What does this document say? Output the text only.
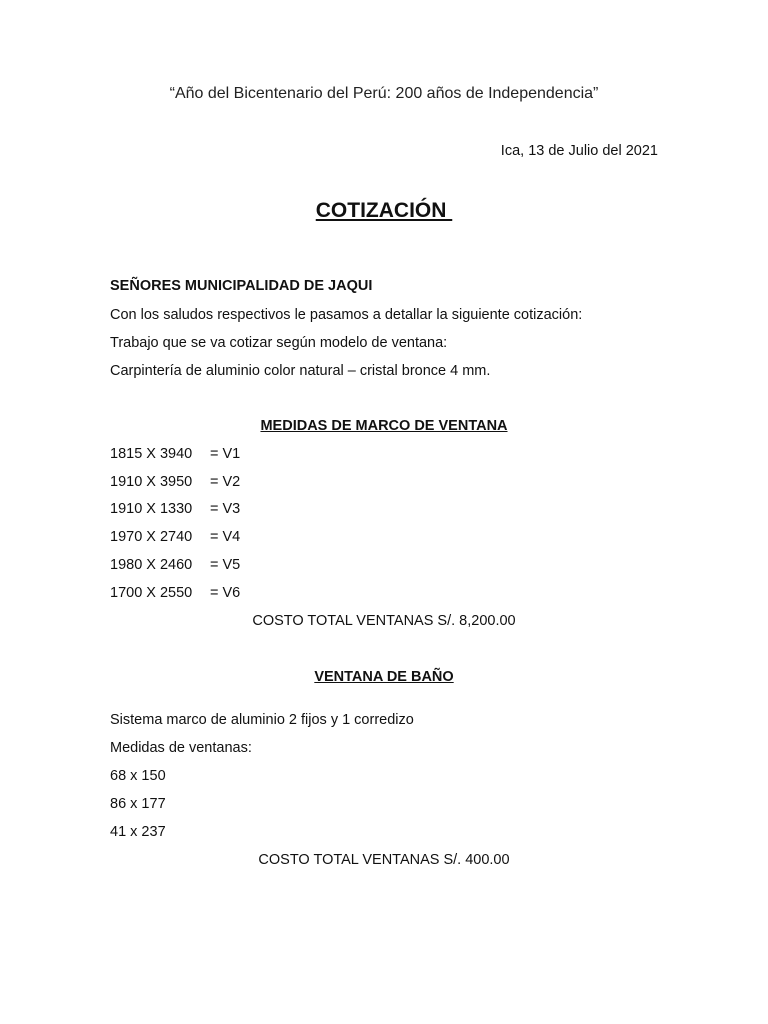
“Año del Bicentenario del Perú: 200 años de Independencia”
Ica, 13 de Julio del 2021
COTIZACIÓN
SEÑORES MUNICIPALIDAD DE JAQUI
Con los saludos respectivos le pasamos a detallar la siguiente cotización:
Trabajo que se va cotizar según modelo de ventana:
Carpintería de aluminio color natural – cristal bronce 4 mm.
MEDIDAS DE MARCO DE VENTANA
1815 X 3940	= V1
1910 X 3950	= V2
1910 X 1330	= V3
1970 X 2740	= V4
1980 X 2460	= V5
1700 X 2550	= V6
COSTO TOTAL VENTANAS S/. 8,200.00
VENTANA DE BAÑO
Sistema marco de aluminio 2 fijos y 1 corredizo
Medidas de ventanas:
68 x 150
86 x 177
41 x 237
COSTO TOTAL VENTANAS S/. 400.00
